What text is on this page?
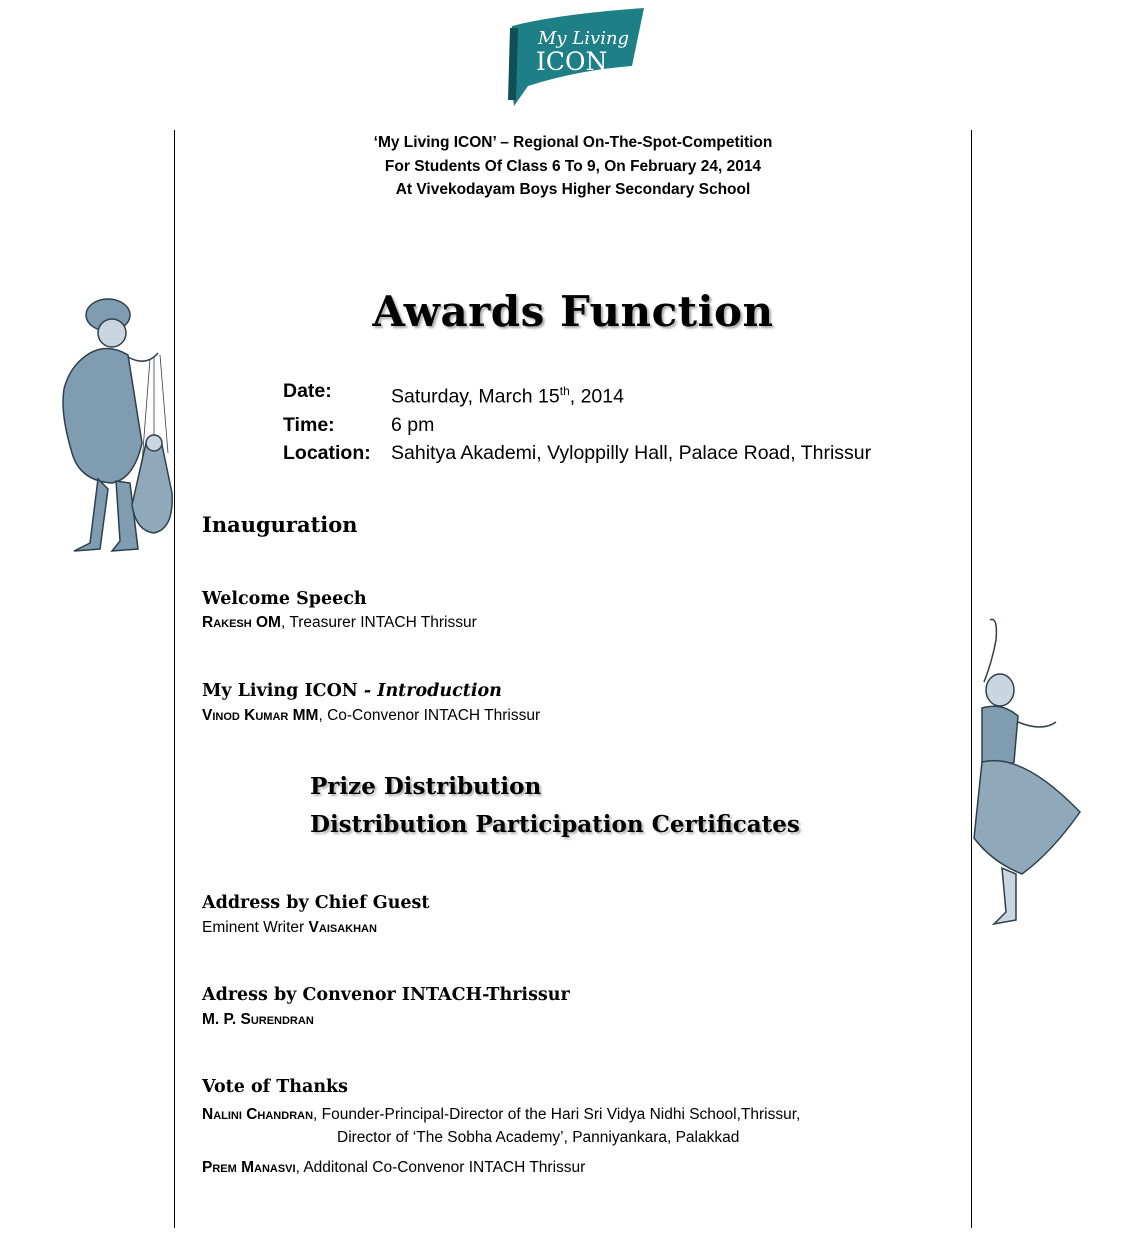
My Living
ICON
‘My Living ICON’ – Regional On-The-Spot-Competition
For Students Of Class 6 To 9, On February 24, 2014
At Vivekodayam Boys Higher Secondary School
Awards Function
Date:	Saturday, March 15th, 2014
Time:	6 pm
Location:	Sahitya Akademi, Vyloppilly Hall, Palace Road, Thrissur
Inauguration
Welcome Speech
Rakesh OM, Treasurer INTACH Thrissur
My Living ICON - Introduction
Vinod Kumar MM, Co-Convenor INTACH Thrissur
Prize Distribution
Distribution Participation Certificates
Address by Chief Guest
Eminent Writer Vaisakhan
Adress by Convenor INTACH-Thrissur
M. P. Surendran
Vote of Thanks
Nalini Chandran, Founder-Principal-Director of the Hari Sri Vidya Nidhi School,Thrissur,
Director of ‘The Sobha Academy’, Panniyankara, Palakkad
Prem Manasvi, Additonal Co-Convenor INTACH Thrissur
